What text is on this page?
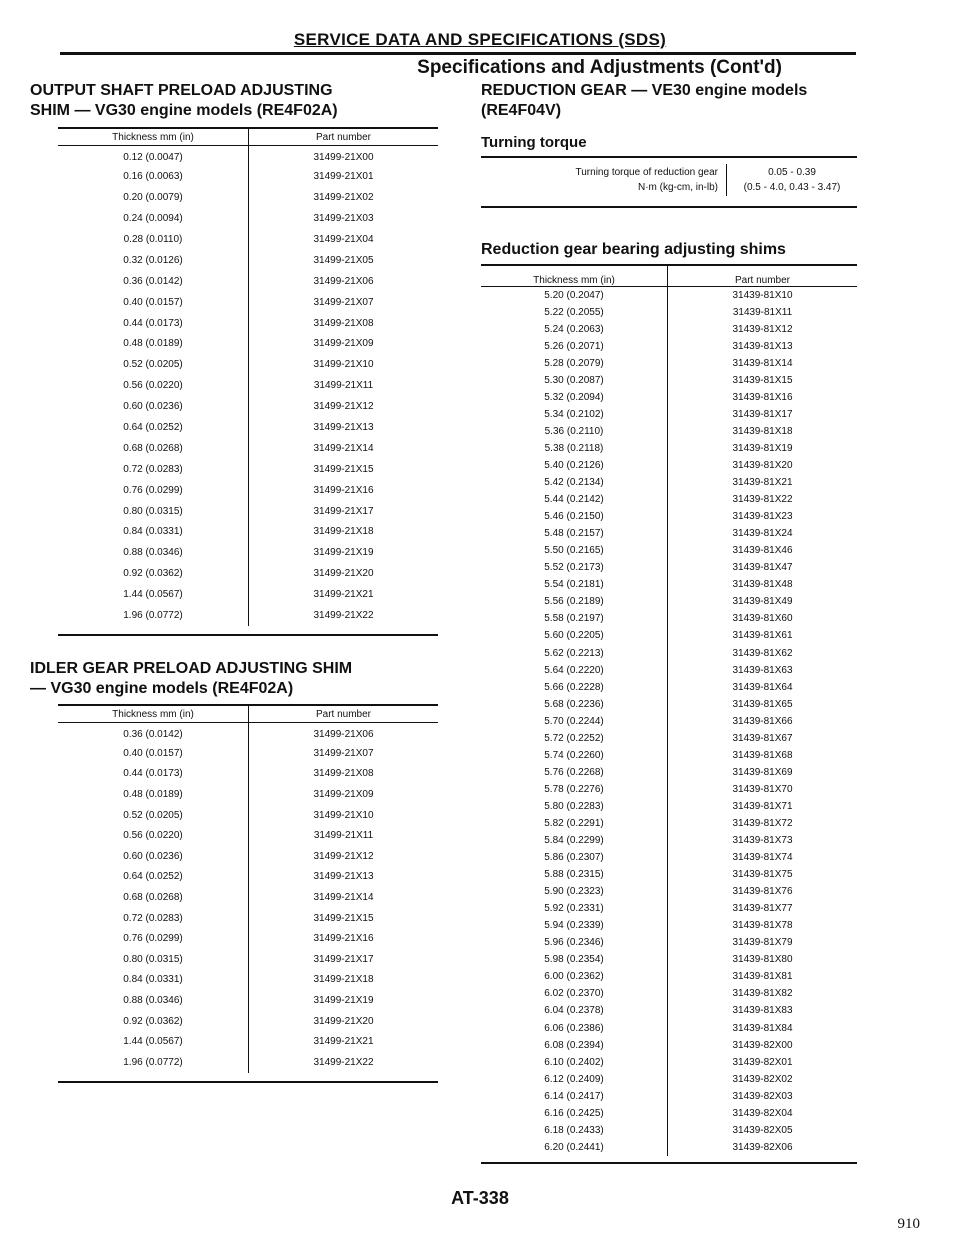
SERVICE DATA AND SPECIFICATIONS (SDS)
Specifications and Adjustments (Cont'd)
OUTPUT SHAFT PRELOAD ADJUSTING
SHIM — VG30 engine models (RE4F02A)
Thickness mm (in)	Part number
0.12 (0.0047)	31499-21X00
0.16 (0.0063)	31499-21X01
0.20 (0.0079)	31499-21X02
0.24 (0.0094)	31499-21X03
0.28 (0.0110)	31499-21X04
0.32 (0.0126)	31499-21X05
0.36 (0.0142)	31499-21X06
0.40 (0.0157)	31499-21X07
0.44 (0.0173)	31499-21X08
0.48 (0.0189)	31499-21X09
0.52 (0.0205)	31499-21X10
0.56 (0.0220)	31499-21X11
0.60 (0.0236)	31499-21X12
0.64 (0.0252)	31499-21X13
0.68 (0.0268)	31499-21X14
0.72 (0.0283)	31499-21X15
0.76 (0.0299)	31499-21X16
0.80 (0.0315)	31499-21X17
0.84 (0.0331)	31499-21X18
0.88 (0.0346)	31499-21X19
0.92 (0.0362)	31499-21X20
1.44 (0.0567)	31499-21X21
1.96 (0.0772)	31499-21X22
IDLER GEAR PRELOAD ADJUSTING SHIM
— VG30 engine models (RE4F02A)
Thickness mm (in)	Part number
0.36 (0.0142)	31499-21X06
0.40 (0.0157)	31499-21X07
0.44 (0.0173)	31499-21X08
0.48 (0.0189)	31499-21X09
0.52 (0.0205)	31499-21X10
0.56 (0.0220)	31499-21X11
0.60 (0.0236)	31499-21X12
0.64 (0.0252)	31499-21X13
0.68 (0.0268)	31499-21X14
0.72 (0.0283)	31499-21X15
0.76 (0.0299)	31499-21X16
0.80 (0.0315)	31499-21X17
0.84 (0.0331)	31499-21X18
0.88 (0.0346)	31499-21X19
0.92 (0.0362)	31499-21X20
1.44 (0.0567)	31499-21X21
1.96 (0.0772)	31499-21X22
REDUCTION GEAR — VE30 engine models
(RE4F04V)
Turning torque
Turning torque of reduction gear
N·m (kg-cm, in-lb)

0.05 - 0.39
(0.5 - 4.0, 0.43 - 3.47)
Reduction gear bearing adjusting shims
Thickness mm (in)	Part number
5.20 (0.2047)	31439-81X10
5.22 (0.2055)	31439-81X11
5.24 (0.2063)	31439-81X12
5.26 (0.2071)	31439-81X13
5.28 (0.2079)	31439-81X14
5.30 (0.2087)	31439-81X15
5.32 (0.2094)	31439-81X16
5.34 (0.2102)	31439-81X17
5.36 (0.2110)	31439-81X18
5.38 (0.2118)	31439-81X19
5.40 (0.2126)	31439-81X20
5.42 (0.2134)	31439-81X21
5.44 (0.2142)	31439-81X22
5.46 (0.2150)	31439-81X23
5.48 (0.2157)	31439-81X24
5.50 (0.2165)	31439-81X46
5.52 (0.2173)	31439-81X47
5.54 (0.2181)	31439-81X48
5.56 (0.2189)	31439-81X49
5.58 (0.2197)	31439-81X60
5.60 (0.2205)	31439-81X61
5.62 (0.2213)	31439-81X62
5.64 (0.2220)	31439-81X63
5.66 (0.2228)	31439-81X64
5.68 (0.2236)	31439-81X65
5.70 (0.2244)	31439-81X66
5.72 (0.2252)	31439-81X67
5.74 (0.2260)	31439-81X68
5.76 (0.2268)	31439-81X69
5.78 (0.2276)	31439-81X70
5.80 (0.2283)	31439-81X71
5.82 (0.2291)	31439-81X72
5.84 (0.2299)	31439-81X73
5.86 (0.2307)	31439-81X74
5.88 (0.2315)	31439-81X75
5.90 (0.2323)	31439-81X76
5.92 (0.2331)	31439-81X77
5.94 (0.2339)	31439-81X78
5.96 (0.2346)	31439-81X79
5.98 (0.2354)	31439-81X80
6.00 (0.2362)	31439-81X81
6.02 (0.2370)	31439-81X82
6.04 (0.2378)	31439-81X83
6.06 (0.2386)	31439-81X84
6.08 (0.2394)	31439-82X00
6.10 (0.2402)	31439-82X01
6.12 (0.2409)	31439-82X02
6.14 (0.2417)	31439-82X03
6.16 (0.2425)	31439-82X04
6.18 (0.2433)	31439-82X05
6.20 (0.2441)	31439-82X06
AT-338
910
